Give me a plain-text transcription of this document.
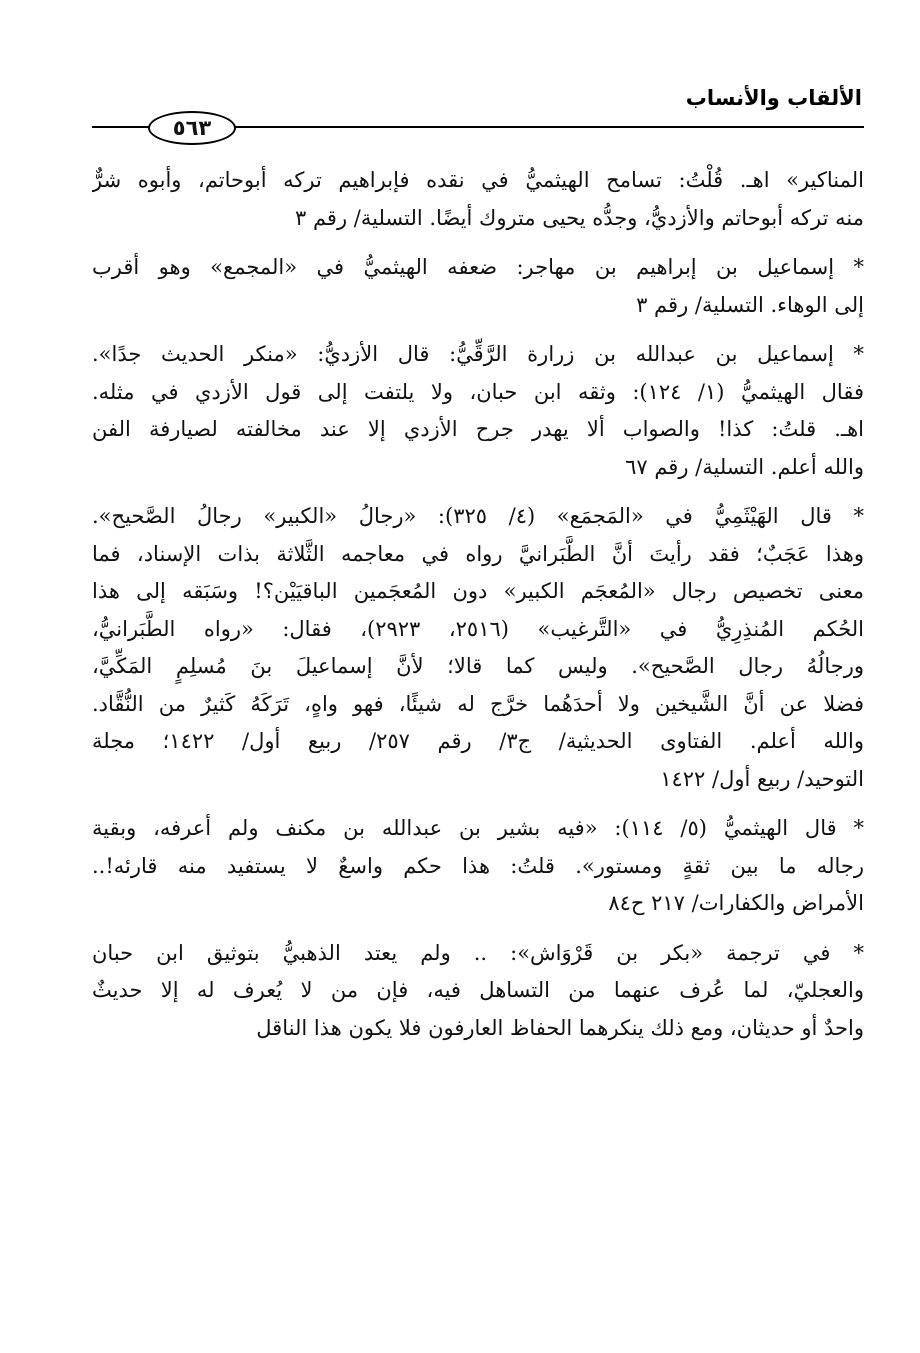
الألقاب والأنساب
٥٦٣
المناكير» اهـ. قُلْتُ: تسامح الهيثميُّ في نقده فإبراهيم تركه أبوحاتم، وأبوه شرٌّ
منه تركه أبوحاتم والأزديُّ، وجدُّه يحيى متروك أيضًا. التسلية/ رقم ٣
* إسماعيل بن إبراهيم بن مهاجر: ضعفه الهيثميُّ في «المجمع» وهو أقرب
إلى الوهاء. التسلية/ رقم ٣
* إسماعيل بن عبدالله بن زرارة الرَّقِّيُّ: قال الأزديُّ: «منكر الحديث جدًا».
فقال الهيثميُّ (١/ ١٢٤): وثقه ابن حبان، ولا يلتفت إلى قول الأزدي في مثله.
اهـ. قلتُ: كذا! والصواب ألا يهدر جرح الأزدي إلا عند مخالفته لصيارفة الفن
والله أعلم. التسلية/ رقم ٦٧
* قال الهَيْثَمِيُّ في «المَجمَع» (٤/ ٣٢٥): «رجالُ «الكبير» رجالُ الصَّحيح».
وهذا عَجَبٌ؛ فقد رأيتَ أنَّ الطَّبَرانيَّ رواه في معاجمه الثَّلاثة بذات الإسناد، فما
معنى تخصيص رجال «المُعجَم الكبير» دون المُعجَمين الباقيَيْن؟! وسَبَقه إلى هذا
الحُكم المُنذِرِيُّ في «التَّرغيب» (٢٥١٦، ٢٩٢٣)، فقال: «رواه الطَّبَرانيُّ،
ورجالُهُ رجال الصَّحيح». وليس كما قالا؛ لأنَّ إسماعيلَ بنَ مُسلِمٍ المَكِّيَّ،
فضلا عن أنَّ الشَّيخين ولا أحدَهُما خرَّج له شيئًا، فهو واهٍ، تَرَكَهُ كَثيرٌ من النُّقَّاد.
والله أعلم. الفتاوى الحديثية/ ج٣/ رقم ٢٥٧/ ربيع أول/ ١٤٢٢؛ مجلة
التوحيد/ ربيع أول/ ١٤٢٢
* قال الهيثميُّ (٥/ ١١٤): «فيه بشير بن عبدالله بن مكنف ولم أعرفه، وبقية
رجاله ما بين ثقةٍ ومستور». قلتُ: هذا حكم واسعٌ لا يستفيد منه قارئه!..
الأمراض والكفارات/ ٢١٧ ح٨٤
* في ترجمة «بكر بن قَرْوَاش»: .. ولم يعتد الذهبيُّ بتوثيق ابن حبان
والعجليّ، لما عُرف عنهما من التساهل فيه، فإن من لا يُعرف له إلا حديثٌ
واحدٌ أو حديثان، ومع ذلك ينكرهما الحفاظ العارفون فلا يكون هذا الناقل
